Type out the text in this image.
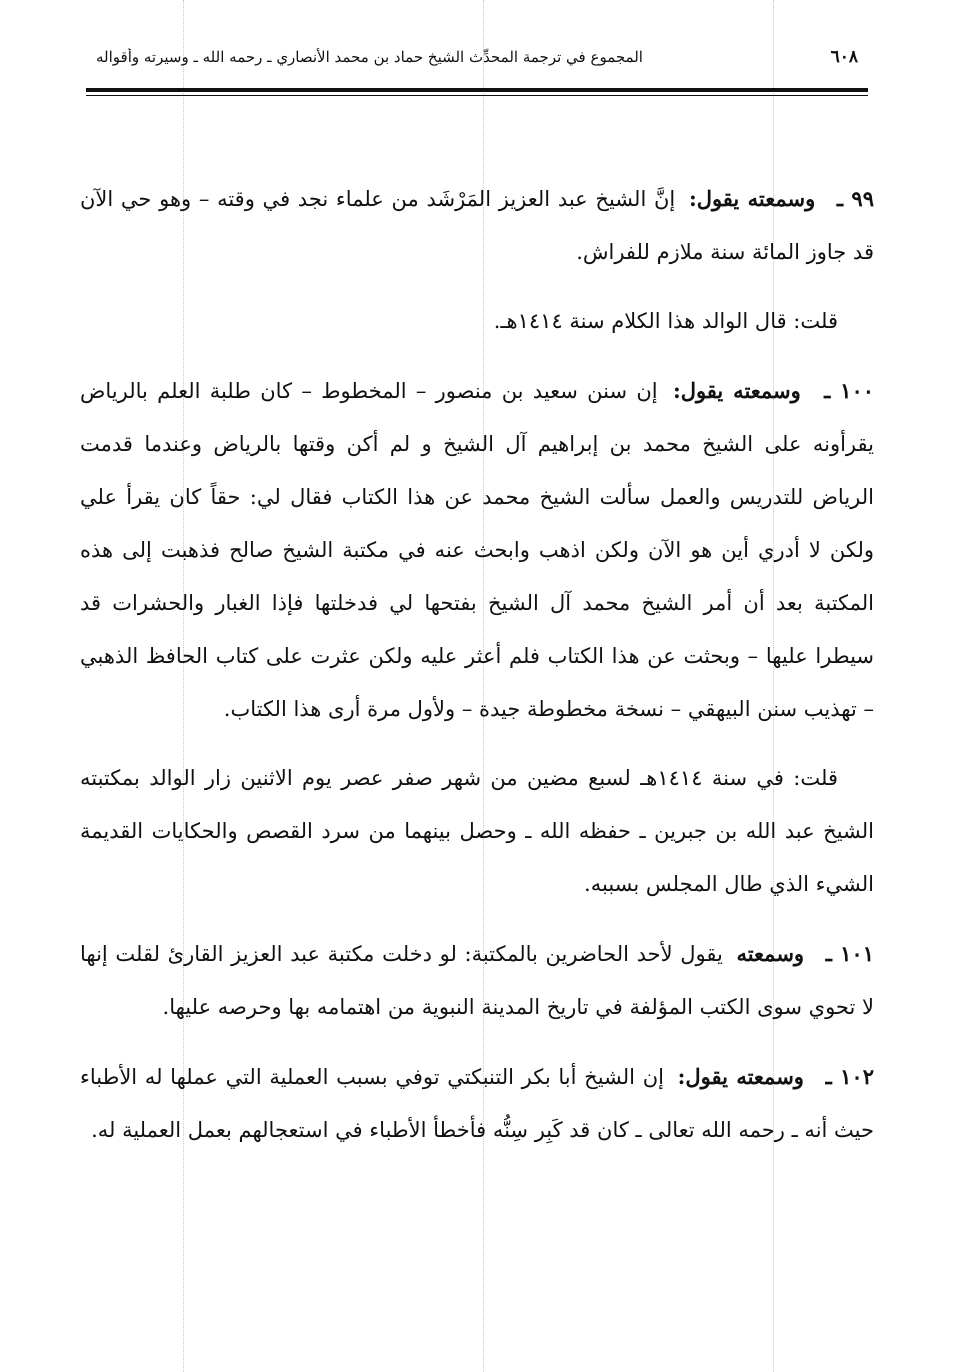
٦٠٨
المجموع في ترجمة المحدِّث الشيخ حماد بن محمد الأنصاري ـ رحمه الله ـ وسيرته وأقواله

٩٩ ـ وسمعته يقول: إنَّ الشيخ عبد العزيز المَرْشَد من علماء نجد في وقته – وهو حي الآن قد جاوز المائة سنة ملازم للفراش.

قلت: قال الوالد هذا الكلام سنة ١٤١٤هـ.

١٠٠ ـ وسمعته يقول: إن سنن سعيد بن منصور – المخطوط – كان طلبة العلم بالرياض يقرأونه على الشيخ محمد بن إبراهيم آل الشيخ و لم أكن وقتها بالرياض وعندما قدمت الرياض للتدريس والعمل سألت الشيخ محمد عن هذا الكتاب فقال لي: حقاً كان يقرأ علي ولكن لا أدري أين هو الآن ولكن اذهب وابحث عنه في مكتبة الشيخ صالح فذهبت إلى هذه المكتبة بعد أن أمر الشيخ محمد آل الشيخ بفتحها لي فدخلتها فإذا الغبار والحشرات قد سيطرا عليها – وبحثت عن هذا الكتاب فلم أعثر عليه ولكن عثرت على كتاب الحافظ الذهبي – تهذيب سنن البيهقي – نسخة مخطوطة جيدة – ولأول مرة أرى هذا الكتاب.

قلت: في سنة ١٤١٤هـ لسبع مضين من شهر صفر عصر يوم الاثنين زار الوالد بمكتبته الشيخ عبد الله بن جبرين ـ حفظه الله ـ وحصل بينهما من سرد القصص والحكايات القديمة الشيء الذي طال المجلس بسببه.

١٠١ ـ وسمعته يقول لأحد الحاضرين بالمكتبة: لو دخلت مكتبة عبد العزيز القارئ لقلت إنها لا تحوي سوى الكتب المؤلفة في تاريخ المدينة النبوية من اهتمامه بها وحرصه عليها.

١٠٢ ـ وسمعته يقول: إن الشيخ أبا بكر التنبكتي توفي بسبب العملية التي عملها له الأطباء حيث أنه ـ رحمه الله تعالى ـ كان قد كَبِر سِنُّه فأخطأ الأطباء في استعجالهم بعمل العملية له.
